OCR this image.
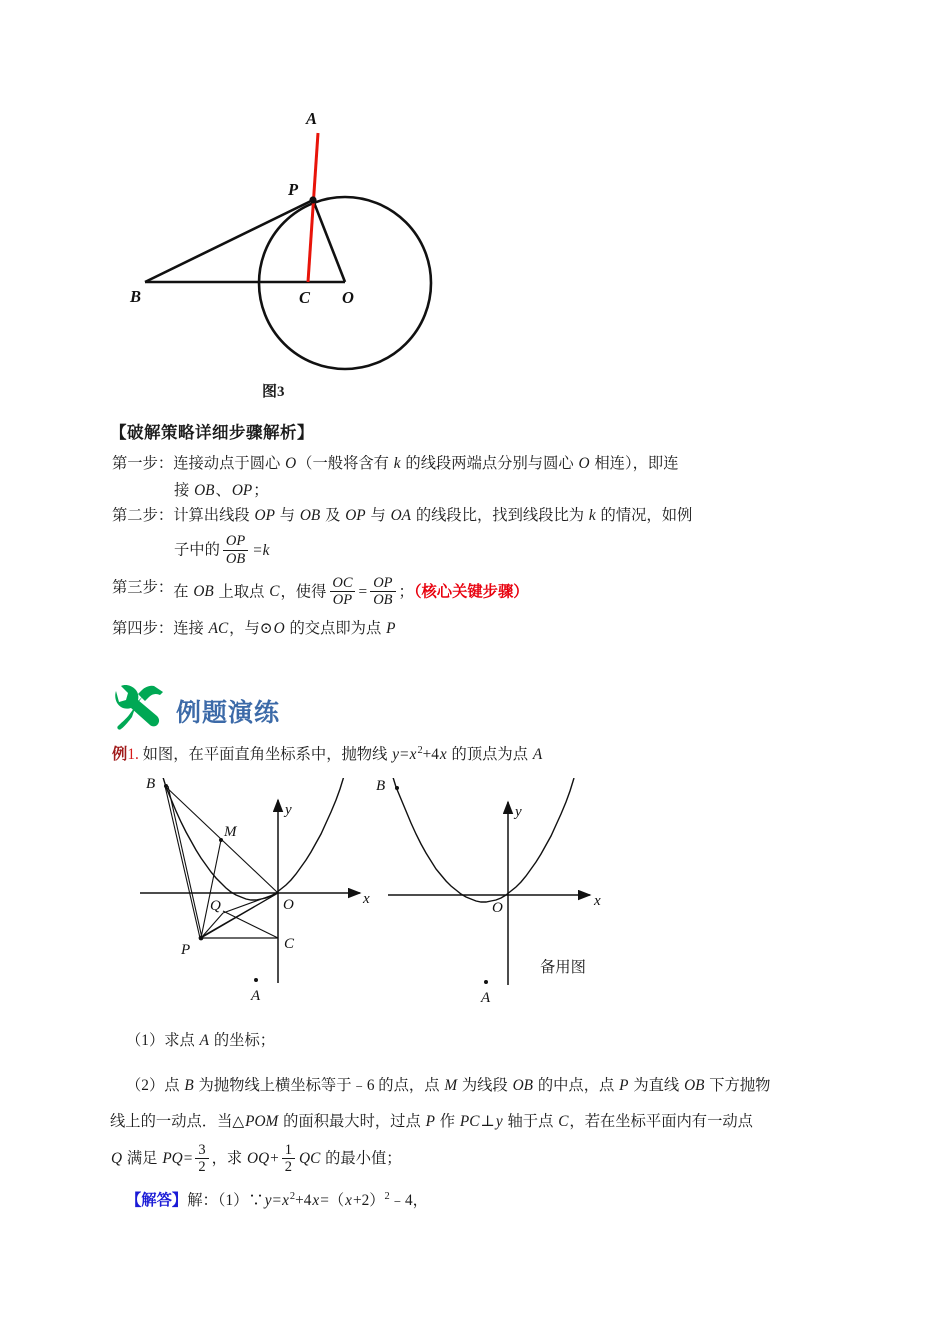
A
P
B	C O
图3
【破解策略详细步骤解析】
第一步： 连接动点于圆心 O（一般将含有 k 的线段两端点分别与圆心 O 相连），即连
接 OB、OP；
第二步： 计算出线段 OP 与 OB 及 OP 与 OA 的线段比，找到线段比为 k 的情况，如例
子中的 $\frac{OP}{OB} =k$
第三步： 在 OB 上取点 C，使得 $\frac{OC}{OP} = \frac{OP}{OB}$ ；（核心关键步骤）
第四步： 连接 AC，与⊙O 的交点即为点 P
例题演练
例1. 如图，在平面直角坐标系中，抛物线 $y=x^2+4x$ 的顶点为点 A
B
M
Q	O
P	C
A
x
y
B
O
A
x
y
备用图
（1）求点 A 的坐标；
（2）点 B 为抛物线上横坐标等于﹣6 的点，点 M 为线段 OB 的中点，点 P 为直线 OB 下方抛物
线上的一动点．当△POM 的面积最大时，过点 P 作 PC⊥y 轴于点 C，若在坐标平面内有一动点
Q 满足 $PQ= \frac{3}{2}$ ，求 $OQ+ \frac{1}{2}$ QC 的最小值；
【解答】解：$(1)\because y=x^2+4x=(x+2)^2﹣4$，
